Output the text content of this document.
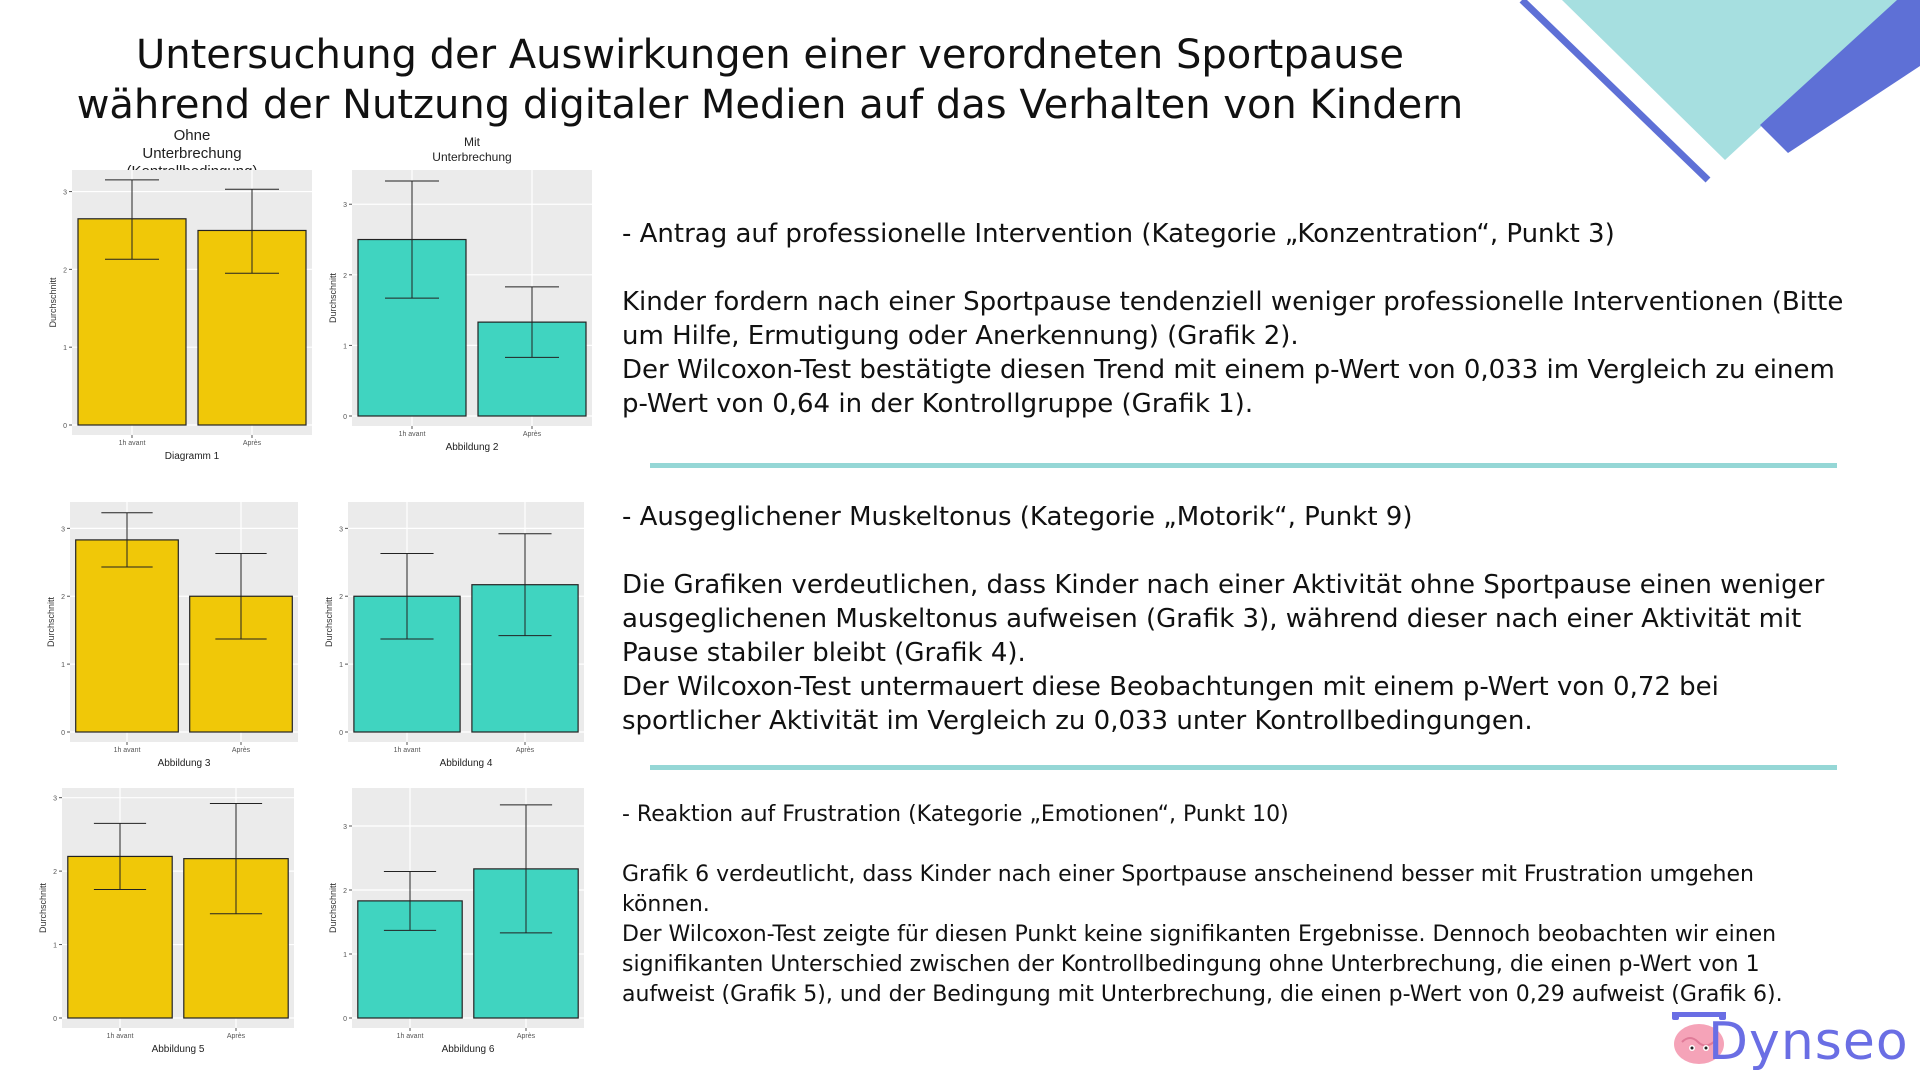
Untersuchung der Auswirkungen einer verordneten Sportpause
während der Nutzung digitaler Medien auf das Verhalten von Kindern
Ohne
Unterbrechung
0
1
2
3
1h avant	Après
Durchschnitt
Diagramm 1
Mit
Unterbrechung
0
1
2
3
1h avant	Après
Durchschnitt
Abbildung 2
0
1
2
3
1h avant	Après
Durchschnitt
Abbildung 3
0
1
2
3
1h avant	Après
Durchschnitt
Abbildung 4
0
1
2
3
1h avant	Après
Durchschnitt
Abbildung 5
0
1
2
3
1h avant	Après
Durchschnitt
Abbildung 6
- Antrag auf professionelle Intervention (Kategorie „Konzentration“, Punkt 3)
Kinder fordern nach einer Sportpause tendenziell weniger professionelle Interventionen (Bitte
um Hilfe, Ermutigung oder Anerkennung) (Grafik 2).
Der Wilcoxon-Test bestätigte diesen Trend mit einem p-Wert von 0,033 im Vergleich zu einem
p-Wert von 0,64 in der Kontrollgruppe (Grafik 1).
- Ausgeglichener Muskeltonus (Kategorie „Motorik“, Punkt 9)
Die Grafiken verdeutlichen, dass Kinder nach einer Aktivität ohne Sportpause einen weniger
ausgeglichenen Muskeltonus aufweisen (Grafik 3), während dieser nach einer Aktivität mit
Pause stabiler bleibt (Grafik 4).
Der Wilcoxon-Test untermauert diese Beobachtungen mit einem p-Wert von 0,72 bei
sportlicher Aktivität im Vergleich zu 0,033 unter Kontrollbedingungen.
- Reaktion auf Frustration (Kategorie „Emotionen“, Punkt 10)
Grafik 6 verdeutlicht, dass Kinder nach einer Sportpause anscheinend besser mit Frustration umgehen
können.
Der Wilcoxon-Test zeigte für diesen Punkt keine signifikanten Ergebnisse. Dennoch beobachten wir einen
signifikanten Unterschied zwischen der Kontrollbedingung ohne Unterbrechung, die einen p-Wert von 1
aufweist (Grafik 5), und der Bedingung mit Unterbrechung, die einen p-Wert von 0,29 aufweist (Grafik 6).
Dynseo
